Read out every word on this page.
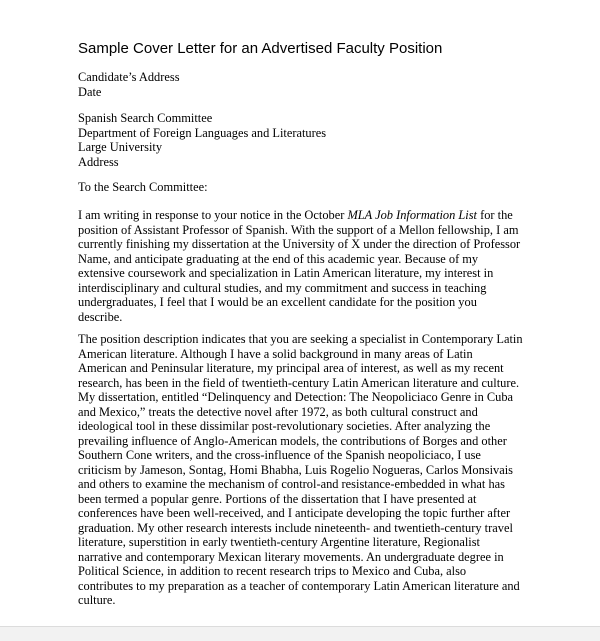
Sample Cover Letter for an Advertised Faculty Position
Candidate’s Address
Date
Spanish Search Committee
Department of Foreign Languages and Literatures
Large University
Address
To the Search Committee:
I am writing in response to your notice in the October MLA Job Information List for the
position of Assistant Professor of Spanish. With the support of a Mellon fellowship, I am
currently finishing my dissertation at the University of X under the direction of Professor
Name, and anticipate graduating at the end of this academic year. Because of my
extensive coursework and specialization in Latin American literature, my interest in
interdisciplinary and cultural studies, and my commitment and success in teaching
undergraduates, I feel that I would be an excellent candidate for the position you
describe.
The position description indicates that you are seeking a specialist in Contemporary Latin
American literature. Although I have a solid background in many areas of Latin
American and Peninsular literature, my principal area of interest, as well as my recent
research, has been in the field of twentieth-century Latin American literature and culture.
My dissertation, entitled “Delinquency and Detection: The Neopoliciaco Genre in Cuba
and Mexico,” treats the detective novel after 1972, as both cultural construct and
ideological tool in these dissimilar post-revolutionary societies. After analyzing the
prevailing influence of Anglo-American models, the contributions of Borges and other
Southern Cone writers, and the cross-influence of the Spanish neopoliciaco, I use
criticism by Jameson, Sontag, Homi Bhabha, Luis Rogelio Nogueras, Carlos Monsivais
and others to examine the mechanism of control-and resistance-embedded in what has
been termed a popular genre. Portions of the dissertation that I have presented at
conferences have been well-received, and I anticipate developing the topic further after
graduation. My other research interests include nineteenth- and twentieth-century travel
literature, superstition in early twentieth-century Argentine literature, Regionalist
narrative and contemporary Mexican literary movements. An undergraduate degree in
Political Science, in addition to recent research trips to Mexico and Cuba, also
contributes to my preparation as a teacher of contemporary Latin American literature and
culture.
